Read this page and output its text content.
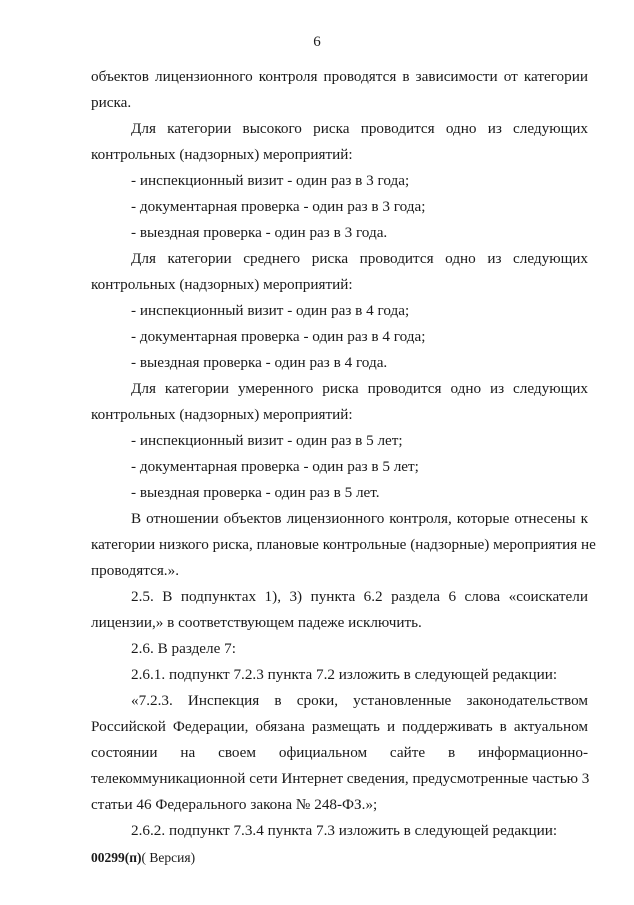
6
объектов лицензионного контроля проводятся в зависимости от категории
риска.
Для категории высокого риска проводится одно из следующих
контрольных (надзорных) мероприятий:
- инспекционный визит - один раз в 3 года;
- документарная проверка - один раз в 3 года;
- выездная проверка - один раз в 3 года.
Для категории среднего риска проводится одно из следующих
контрольных (надзорных) мероприятий:
- инспекционный визит - один раз в 4 года;
- документарная проверка - один раз в 4 года;
- выездная проверка - один раз в 4 года.
Для категории умеренного риска проводится одно из следующих
контрольных (надзорных) мероприятий:
- инспекционный визит - один раз в 5 лет;
- документарная проверка - один раз в 5 лет;
- выездная проверка - один раз в 5 лет.
В отношении объектов лицензионного контроля, которые отнесены к
категории низкого риска, плановые контрольные (надзорные) мероприятия не
проводятся.».
2.5. В подпунктах 1), 3) пункта 6.2 раздела 6 слова «соискатели
лицензии,» в соответствующем падеже исключить.
2.6. В разделе 7:
2.6.1. подпункт 7.2.3 пункта 7.2 изложить в следующей редакции:
«7.2.3. Инспекция в сроки, установленные законодательством
Российской Федерации, обязана размещать и поддерживать в актуальном
состоянии на своем официальном сайте в информационно-
телекоммуникационной сети Интернет сведения, предусмотренные частью 3
статьи 46 Федерального закона № 248-ФЗ.»;
2.6.2. подпункт 7.3.4 пункта 7.3 изложить в следующей редакции:
00299(п)( Версия)
